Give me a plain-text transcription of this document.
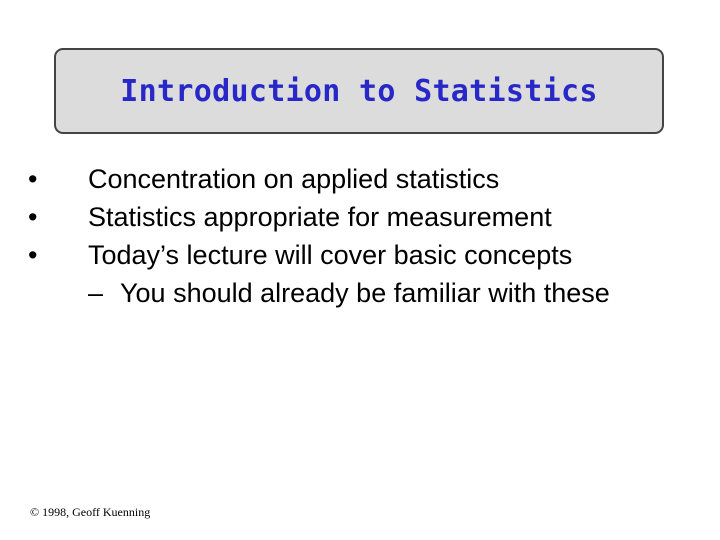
Introduction to Statistics
•	Concentration on applied statistics
•	Statistics appropriate for measurement
•	Today’s lecture will cover basic concepts
– You should already be familiar with these
© 1998, Geoff Kuenning
